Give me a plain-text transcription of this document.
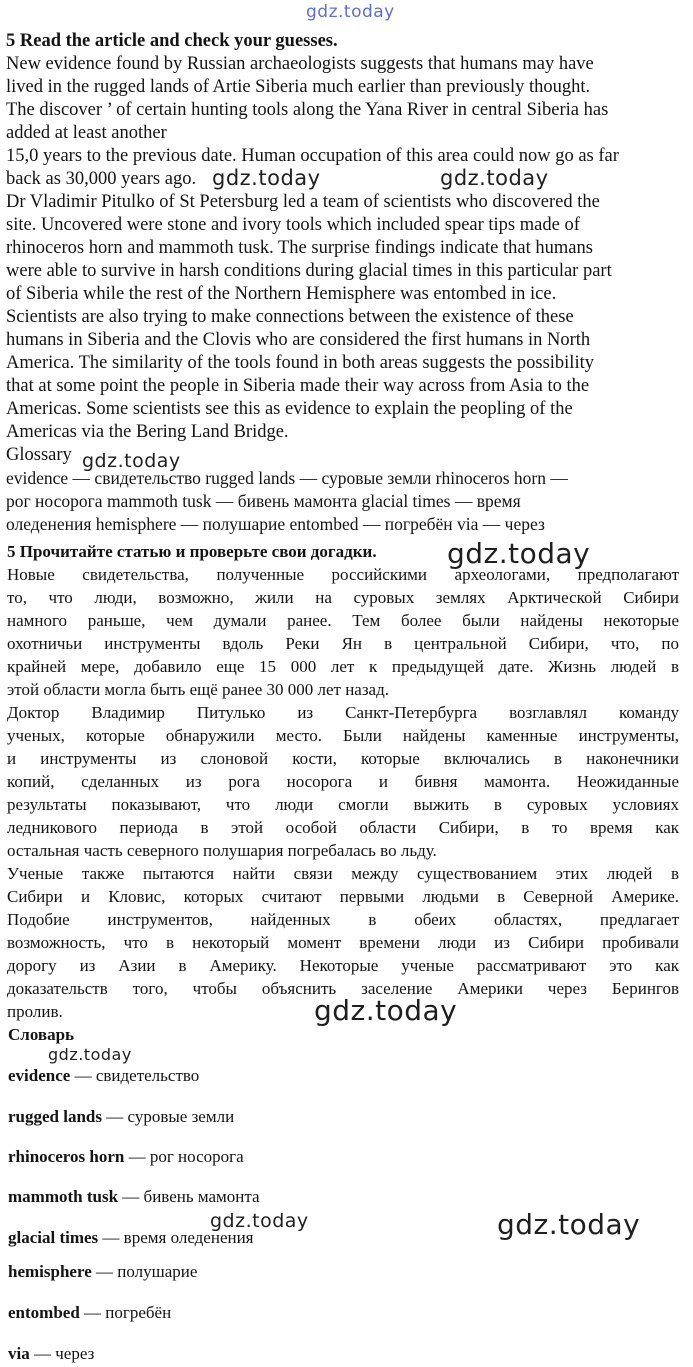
gdz.today
gdz.today	gdz.today
gdz.today
gdz.today
gdz.today
gdz.today
gdz.today	gdz.today
5 Read the article and check your guesses.
New evidence found by Russian archaeologists suggests that humans may have
lived in the rugged lands of Artie Siberia much earlier than previously thought.
The discover ’ of certain hunting tools along the Yana River in central Siberia has
added at least another
15,0 years to the previous date. Human occupation of this area could now go as far
back as 30,000 years ago.
Dr Vladimir Pitulko of St Petersburg led a team of scientists who discovered the
site. Uncovered were stone and ivory tools which included spear tips made of
rhinoceros horn and mammoth tusk. The surprise findings indicate that humans
were able to survive in harsh conditions during glacial times in this particular part
of Siberia while the rest of the Northern Hemisphere was entombed in ice.
Scientists are also trying to make connections between the existence of these
humans in Siberia and the Clovis who are considered the first humans in North
America. The similarity of the tools found in both areas suggests the possibility
that at some point the people in Siberia made their way across from Asia to the
Americas. Some scientists see this as evidence to explain the peopling of the
Americas via the Bering Land Bridge.
Glossary
evidence — свидетельство rugged lands — суровые земли rhinoceros horn —
рог носорога mammoth tusk — бивень мамонта glacial times — время
оледенения hemisphere — полушарие entombed — погребён via — через
5 Прочитайте статью и проверьте свои догадки.
Новые свидетельства, полученные российскими археологами, предполагают
то, что люди, возможно, жили на суровых землях Арктической Сибири
намного раньше, чем думали ранее. Тем более были найдены некоторые
охотничьи инструменты вдоль Реки Ян в центральной Сибири, что, по
крайней мере, добавило еще 15 000 лет к предыдущей дате. Жизнь людей в
этой области могла быть ещё ранее 30 000 лет назад.
Доктор Владимир Питулько из Санкт-Петербурга возглавлял команду
ученых, которые обнаружили место. Были найдены каменные инструменты,
и инструменты из слоновой кости, которые включались в наконечники
копий, сделанных из рога носорога и бивня мамонта. Неожиданные
результаты показывают, что люди смогли выжить в суровых условиях
ледникового периода в этой особой области Сибири, в то время как
остальная часть северного полушария погребалась во льду.
Ученые также пытаются найти связи между существованием этих людей в
Сибири и Кловис, которых считают первыми людьми в Северной Америке.
Подобие инструментов, найденных в обеих областях, предлагает
возможность, что в некоторый момент времени люди из Сибири пробивали
дорогу из Азии в Америку. Некоторые ученые рассматривают это как
доказательств того, чтобы объяснить заселение Америки через Берингов
пролив.
Словарь
evidence — свидетельство
rugged lands — суровые земли
rhinoceros horn — рог носорога
mammoth tusk — бивень мамонта
glacial times — время оледенения
hemisphere — полушарие
entombed — погребён
via — через
